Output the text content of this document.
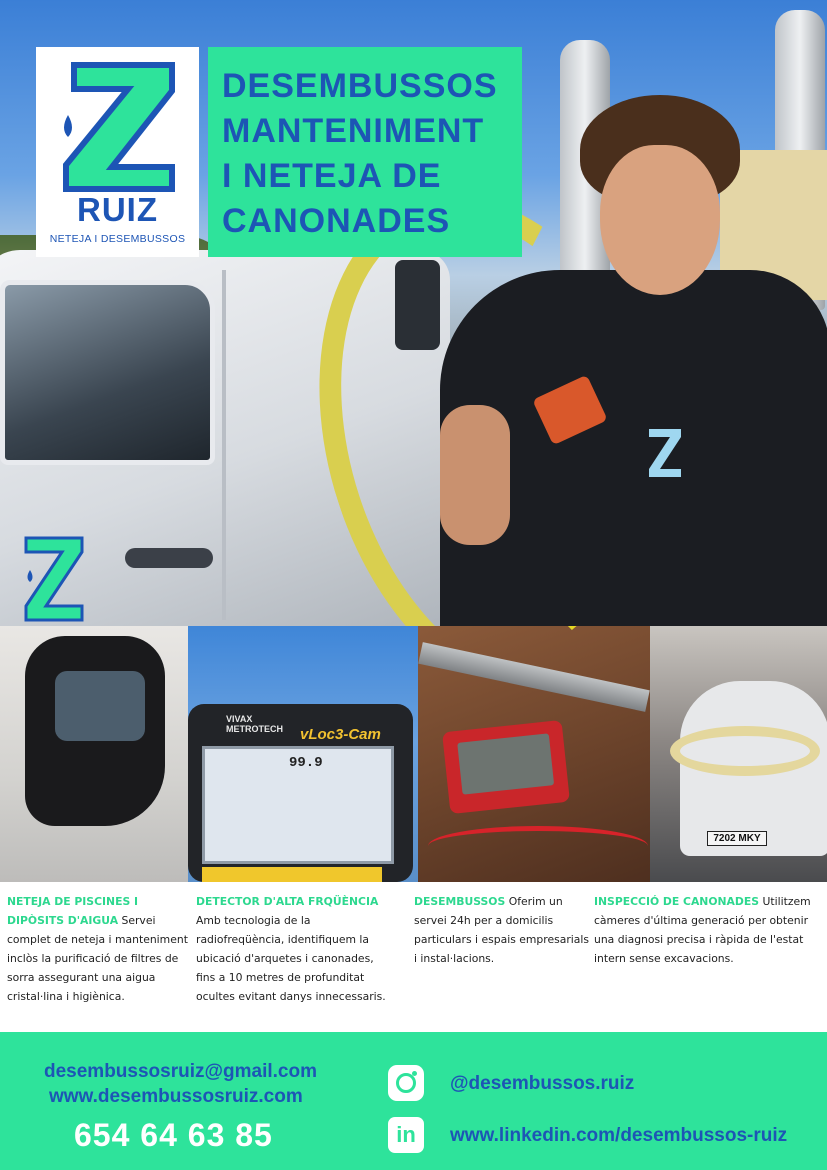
RUIZ
NETEJA I DESEMBUSSOS
DESEMBUSSOS
MANTENIMENT
I NETEJA DE
CANONADES
VIVAX
METROTECH vLoc3-Cam
99.9
7202 MKY
NETEJA DE PISCINES I DIPÒSITS D'AIGUA Servei complet de neteja i manteniment inclòs la purificació de filtres de sorra assegurant una aigua cristal·lina i higiènica.
DETECTOR D'ALTA FRQÜÈNCIA Amb tecnologia de la radiofreqüència, identifiquem la ubicació d'arquetes i canonades, fins a 10 metres de profunditat ocultes evitant danys innecessaris.
DESEMBUSSOS Oferim un servei 24h per a domicilis particulars i espais empresarials i instal·lacions.
INSPECCIÓ DE CANONADES Utilitzem càmeres d'última generació per obtenir una diagnosi precisa i ràpida de l'estat intern sense excavacions.
desembussosruiz@gmail.com
www.desembussosruiz.com
654 64 63 85
@desembussos.ruiz
in	www.linkedin.com/desembussos-ruiz
